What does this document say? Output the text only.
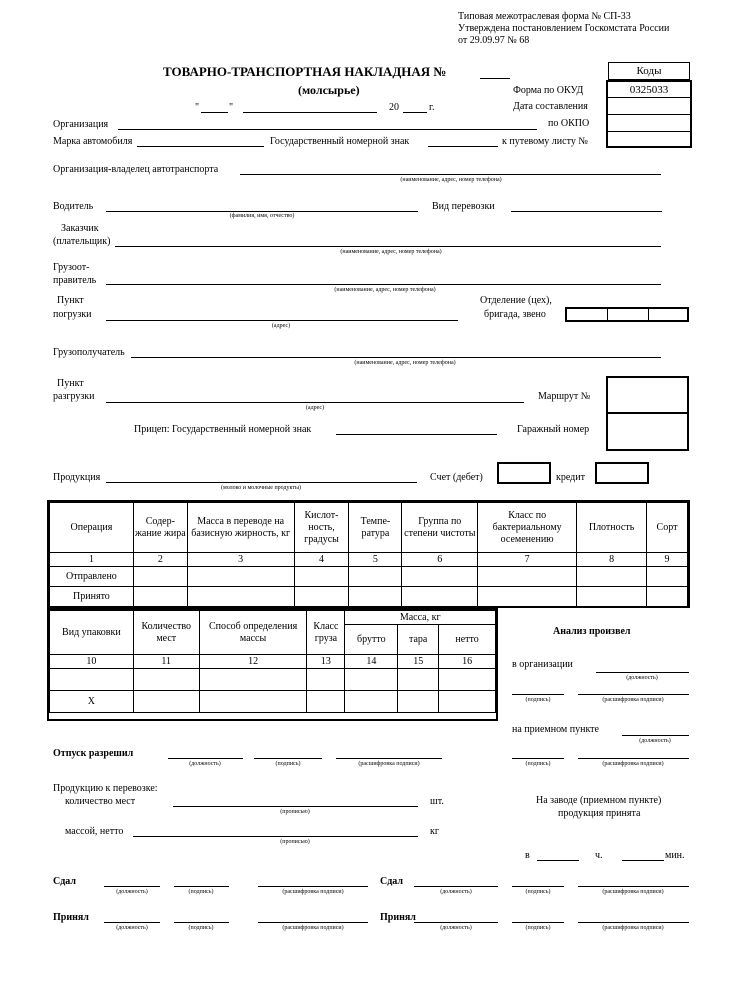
Типовая межотраслевая форма № СП-33
Утверждена постановлением Госкомстата России
от 29.09.97 № 68
ТОВАРНО-ТРАНСПОРТНАЯ НАКЛАДНАЯ №
(молсырье)
Коды
0325033
Форма по ОКУД
Дата составления
по ОКПО
"	"	20	г.
Организация
Марка автомобиля	Государственный номерной знак	к путевому листу №
Организация-владелец автотранспорта
(наименование, адрес, номер телефона)
Водитель
(фамилия, имя, отчество)
Вид перевозки
Заказчик
(плательщик)
(наименование, адрес, номер телефона)
Грузоот-
правитель
(наименование, адрес, номер телефона)
Пункт
погрузки
(адрес)
Отделение (цех),
бригада, звено
Грузополучатель
(наименование, адрес, номер телефона)
Пункт
разгрузки
(адрес)
Маршрут №
Прицеп: Государственный номерной знак	Гаражный номер
Продукция
(молоко и молочные продукты)
Счет (дебет)	кредит
Операция	Содер-жание жира	Масса в переводе на базисную жирность, кг	Кислот-ность, градусы	Темпе-ратура	Группа по степени чистоты	Класс по бактериальному осеменению	Плотность	Сорт
1	2	3	4	5	6	7	8	9
Отправлено								
Принято								
Вид упаковки	Количество мест	Способ определения массы	Класс груза	Масса, кг		
				брутто	тара	нетто
10	11	12	13	14	15	16

X						
Анализ произвел
в организации
(должность)
(подпись)	(расшифровка подписи)
на приемном пункте
(должность)
(подпись)	(расшифровка подписи)
Отпуск разрешил
(должность)	(подпись)	(расшифровка подписи)
Продукцию к перевозке:
количество мест
(прописью)
шт.
массой, нетто
(прописью)
кг
На заводе (приемном пункте)
продукция принята
в	ч.	мин.
Сдал
(должность)	(подпись)	(расшифровка подписи)
Принял
(должность)	(подпись)	(расшифровка подписи)
Сдал
(должность)	(подпись)	(расшифровка подписи)
Принял
(должность)	(подпись)	(расшифровка подписи)
